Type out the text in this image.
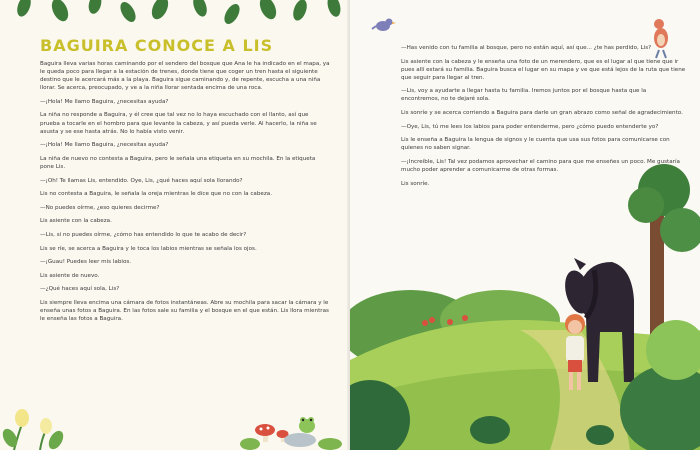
BAGUIRA CONOCE A LIS

Baguira lleva varias horas caminando por el sendero del bosque que Ana le ha indicado en el mapa, ya le queda poco para llegar a la estación de trenes, donde tiene que coger un tren hasta el siguiente destino que le acercará más a la playa. Baguira sigue caminando y, de repente, escucha a una niña llorar. Se acerca, preocupado, y ve a la niña llorar sentada encima de una roca.

—¡Hola! Me llamo Baguira, ¿necesitas ayuda?

La niña no responde a Baguira, y él cree que tal vez no lo haya escuchado con el llanto, así que prueba a tocarle en el hombro para que levante la cabeza, y así pueda verle. Al hacerlo, la niña se asusta y se ese hasta atrás. No lo había visto venir.

—¡Hola! Me llamo Baguira, ¿necesitas ayuda?

La niña de nuevo no contesta a Baguira, pero le señala una etiqueta en su mochila. En la etiqueta pone Lis.

—¡Oh! Te llamas Lis, entendido. Oye, Lis, ¿qué haces aquí sola llorando?

Lis no contesta a Baguira, le señala la oreja mientras le dice que no con la cabeza.

—No puedes oírme, ¿eso quieres decirme?

Lis asiente con la cabeza.

—Lis, si no puedes oírme, ¿cómo has entendido lo que te acabo de decir?

Lis se ríe, se acerca a Baguira y le toca los labios mientras se señala los ojos.

—¡Guau! Puedes leer mis labios.

Lis asiente de nuevo.

—¿Qué haces aquí sola, Lis?

Lis siempre lleva encima una cámara de fotos instantáneas. Abre su mochila para sacar la cámara y le enseña unas fotos a Baguira. En las fotos sale su familia y el bosque en el que están. Lis llora mientras le enseña las fotos a Baguira.

—Has venido con tu familia al bosque, pero no están aquí, así que... ¿te has perdido, Lis?

Lis asiente con la cabeza y le enseña una foto de un merendero, que es el lugar al que tiene que ir pues allí estará su familia. Baguira busca el lugar en su mapa y ve que está lejos de la ruta que tiene que seguir para llegar al tren.

—Lis, voy a ayudarte a llegar hasta tu familia. Iremos juntos por el bosque hasta que la encontremos, no te dejaré sola.

Lis sonríe y se acerca corriendo a Baguira para darle un gran abrazo como señal de agradecimiento.

—Oye, Lis, tú me lees los labios para poder entenderme, pero ¿cómo puedo entenderte yo?

Lis le enseña a Baguira la lengua de signos y le cuenta que usa sus fotos para comunicarse con quienes no saben signar.

—¡Increíble, Lis! Tal vez podamos aprovechar el camino para que me enseñes un poco. Me gustaría mucho poder aprender a comunicarme de otras formas.

Lis sonríe.
